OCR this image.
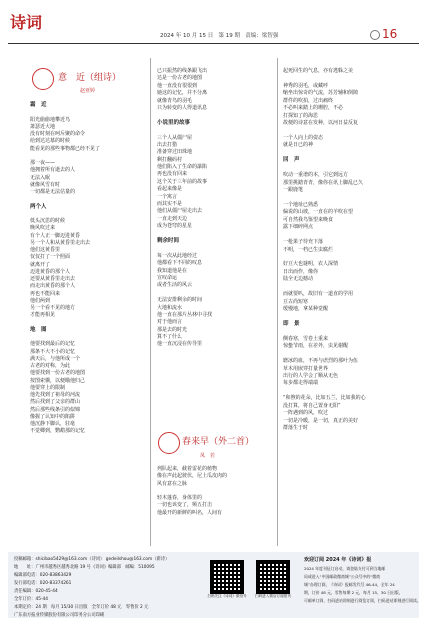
诗词
2024 年 10 月 15 日 第 19 期 责编：梁智强	16
意　近（组诗）
赵亚婷
霜　近
阳光偷偷地攀近鸟
萧瑟近大地
没有时刻在呵斥聚的命令
给到达达慕的时候
能看见的那些事物都已经不见了
那一夜——
他拥着所有逝去的人
无法入眠
就像风雪有时
一切都是无法估量的
两个人
低头沉思的时候
晚风吹过来
有个人正一脚迈进黄昏
另一个人和从黄昏里走出去
他们这黄昏里
仅仅打了一个照面
就离开了
迈进黄昏的那个人
还要从黄昏里走出去
而走出黄昏的那个人
再也不能回来
他们两到
另一个看不见的地方
才能再相见
地　图
他要找到最后的记忆
那条不大不小的记忆
满天后，与他所成一个
古老的对称，为此
他要找到一份古老的地图
按图索骥，以便瞄他归己
他要穿上的限制
他先找到了祖母的河流
然后找到了父亲的群山
然后那些线条引的似锦
像握了认知中的陷阱
他沉静下脚认，驻毫
不觉卿到，鹦鹉那的记忆
已只振然的线条跟飞出
达是一份古老的地图
他一直没有很很到
她这的记忆，并不分离
就像青鸟的羽毛
只为转变的人得道讯息
小说里的故事
三个人从僵尸屋
出去打猎
准备穿过田珠地
剩打翻码村
他们陷入了生命的瀑陷
再也没有回来
这个关于三年前的故事
看起来像是
一个寓言
而其实不是
他们从僵尸屋走出去
一直走到天边
成为苍穹的星星
剩余时间
每一次从此地经过
他都看下不同的叹息
我知道他是在
宣叹命运
或者生活的风云
无法安排剩余的时间
大地和流水
他一直在那片丛林中寻找
对于他而言
那是去的时光
算不了什么
他一直沉浸在传导里
起死回生的气息，亦有逃躲之美
神秀的羽毛，或藏呼
缩坐出惊奇的气流，苏芳辅和倒隙
群件的吹拍，过出痛终
不必叫来踏上的珊腔，不必
打探知了的海思
故便的诗意在发种，以河日益反复
一个人向上的姿态
就是日已的神
回　声
吹动一重谱的本，引它到远方
那里挑踏青青，像你在讯上脚乱已久
一跟鹿笔
一个地址已熟悉
偏说的山坡，一直在的羊吹在望
可自然我鸟鉴望来晚食
露下细碎网点
一枪果子待充下落
不明，一档已生虫腐烂
好豆大也谜明，农人深情
日出而作，像你
陆全无边撼动
而就要叭，故旧有一道直的学用
豆古尚短寒
缓慢地，拿某种觉醒
即　景
侧春寒，雪卷土重来
惊蛰节雨，在差外，虫见谢醒
磨冰的血，不再与虐烈的那叶为伍
草木用嵌穿打量世界
出行的人学会了顺从无色
每步都走得端端
“和煦的花朵，比如五兰，比如我的心
没打算，将自己置身无阳”
一阵遇到的风，吹过
一切是冷暖，是一切，真正的美好
群落生于时
春来早（外二首）
凤　若
列队起来，截着雷花的植物
像在声此起彼伏，尼上瓜皮肉的
风有意在之脉
轻木蓬春，身体里的
一切也该变了，频五打击
他最开的新鲜的叫名，人间有
投稿邮箱：shicibao5429@163.com（诗词） gedeilshou@163.com（新诗）
地　　址：广州市越秀区越秀北路 19 号《诗词》编辑部　邮编：510095
编辑部电话：020-83863429
发行部电话：020-83374261
责任编辑：020-45-44
全年订价：45-44
本期定价：24 期　每月 15/30 日出版　全年订价 48 元　零售价 2 元
广东南方报业传媒股份有限公司印务分公司印刷
扫码关注《诗词》微信号	扫码进入微店订阅报刊
欢迎订阅 2024 年《诗词》报
2024 年度刊征订启动，请登陆支付可到当地邮
局或进入“中国邮政微商城”公众号中的“微商
城”办理订阅，《诗词》报邮发代号 46-44，全年 24
期，订价 48 元，零售每期 2 元，每月 15、30 日出版，
可邮单订阅，扫码进站即刻进行阅览订阅，扫码进站即刻进行阅读。
